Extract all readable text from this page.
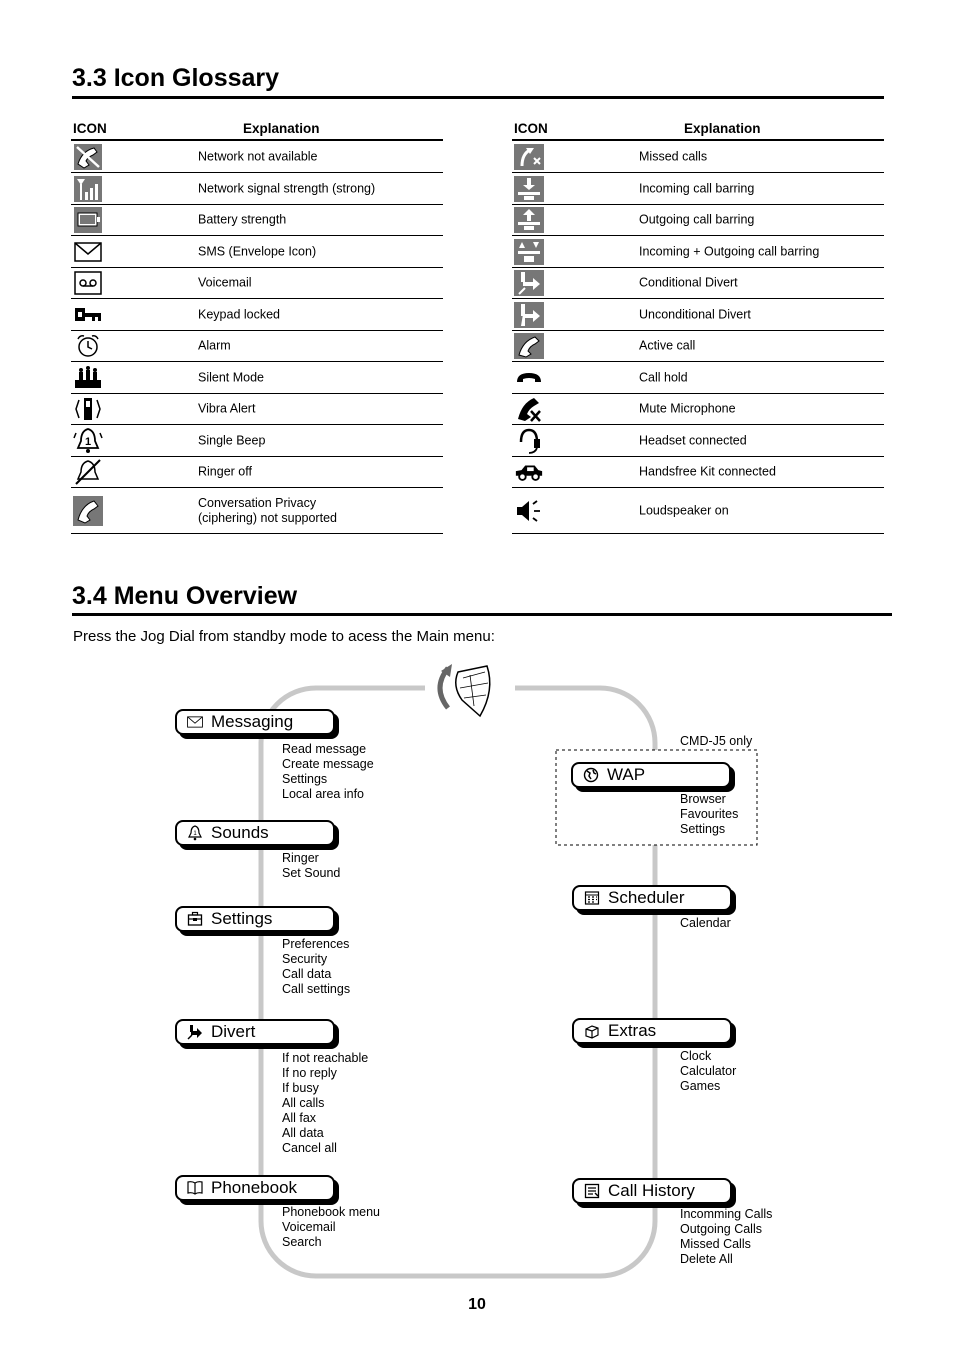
3.3 Icon Glossary
ICON	Explanation
Network not available
Network signal strength (strong)
Battery strength
SMS (Envelope Icon)
Voicemail
Keypad locked
Alarm
Silent Mode
Vibra Alert
1	Single Beep
Ringer off
Conversation Privacy
(ciphering) not supported
ICON	Explanation
Missed calls
Incoming call barring
Outgoing call barring
Incoming + Outgoing call barring
Conditional Divert
Unconditional Divert
Active call
Call hold
Mute Microphone
Headset connected
Handsfree Kit connected
Loudspeaker on
3.4 Menu Overview
Press the Jog Dial from standby mode to acess the Main menu:
Messaging
Read message
Create message
Settings
Local area info
1 Sounds
Ringer
Set Sound
Settings
Preferences
Security
Call data
Call settings
Divert
If not reachable
If no reply
If busy
All calls
All fax
All data
Cancel all
Phonebook
Phonebook menu
Voicemail
Search
WAP
Browser
Favourites
Settings
Scheduler
Calendar
Extras
Clock
Calculator
Games
Call History
Incomming Calls
Outgoing Calls
Missed Calls
Delete All
CMD-J5 only
10
